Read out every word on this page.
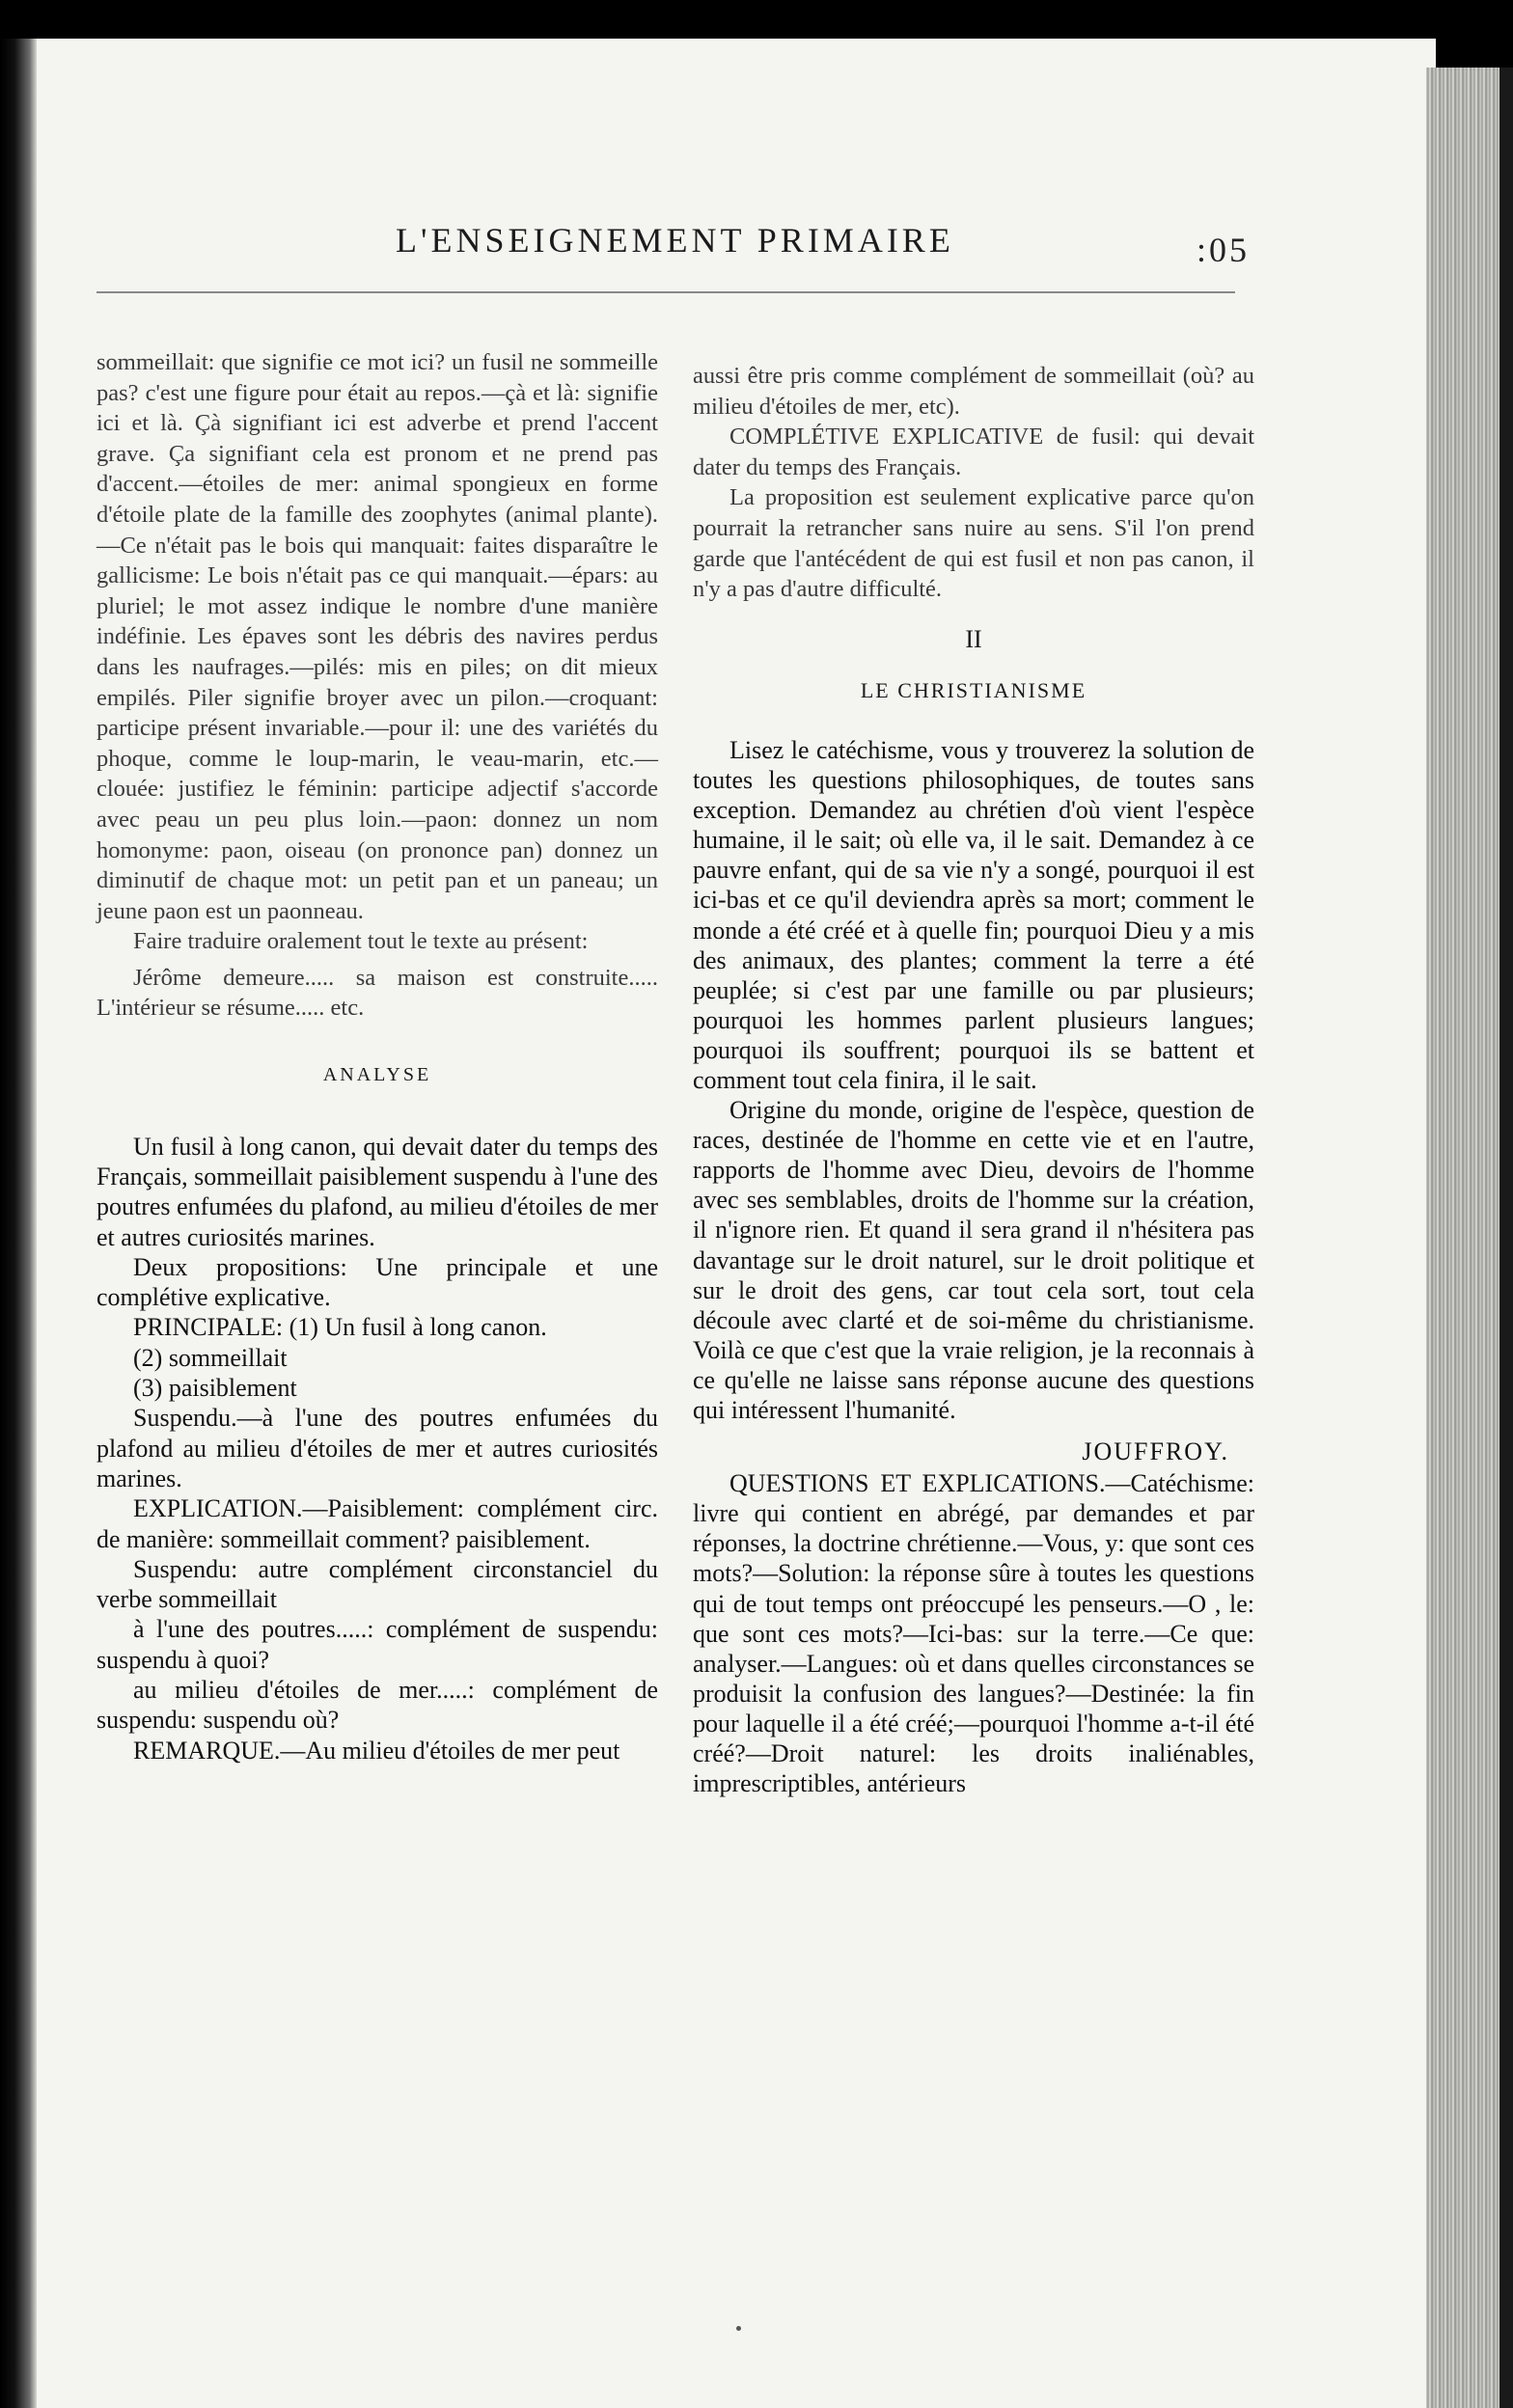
L'ENSEIGNEMENT PRIMAIRE	:05

sommeillait: que signifie ce mot ici? un fusil ne sommeille pas? c'est une figure pour était au repos.—çà et là: signifie ici et là. Çà signifiant ici est adverbe et prend l'accent grave. Ça signifiant cela est pronom et ne prend pas d'accent.—étoiles de mer: animal spongieux en forme d'étoile plate de la famille des zoophytes (animal plante).—Ce n'était pas le bois qui manquait: faites disparaître le gallicisme: Le bois n'était pas ce qui manquait.—épars: au pluriel; le mot assez indique le nombre d'une manière indéfinie. Les épaves sont les débris des navires perdus dans les naufrages.—pilés: mis en piles; on dit mieux empilés. Piler signifie broyer avec un pilon.—croquant: participe présent invariable.—pour il: une des variétés du phoque, comme le loup-marin, le veau-marin, etc.—clouée: justifiez le féminin: participe adjectif s'accorde avec peau un peu plus loin.—paon: donnez un nom homonyme: paon, oiseau (on prononce pan) donnez un diminutif de chaque mot: un petit pan et un paneau; un jeune paon est un paonneau.

Faire traduire oralement tout le texte au présent:

Jérôme demeure..... sa maison est construite..... L'intérieur se résume..... etc.

ANALYSE

Un fusil à long canon, qui devait dater du temps des Français, sommeillait paisiblement suspendu à l'une des poutres enfumées du plafond, au milieu d'étoiles de mer et autres curiosités marines.

Deux propositions: Une principale et une complétive explicative.

PRINCIPALE: (1) Un fusil à long canon.

(2) sommeillait

(3) paisiblement

Suspendu.—à l'une des poutres enfumées du plafond au milieu d'étoiles de mer et autres curiosités marines.

EXPLICATION.—Paisiblement: complément circ. de manière: sommeillait comment? paisiblement.

Suspendu: autre complément circonstanciel du verbe sommeillait

à l'une des poutres.....: complément de suspendu: suspendu à quoi?

au milieu d'étoiles de mer.....: complément de suspendu: suspendu où?

REMARQUE.—Au milieu d'étoiles de mer peut

aussi être pris comme complément de sommeillait (où? au milieu d'étoiles de mer, etc).

COMPLÉTIVE EXPLICATIVE de fusil: qui devait dater du temps des Français.

La proposition est seulement explicative parce qu'on pourrait la retrancher sans nuire au sens. S'il l'on prend garde que l'antécédent de qui est fusil et non pas canon, il n'y a pas d'autre difficulté.

II
LE CHRISTIANISME

Lisez le catéchisme, vous y trouverez la solution de toutes les questions philosophiques, de toutes sans exception. Demandez au chrétien d'où vient l'espèce humaine, il le sait; où elle va, il le sait. Demandez à ce pauvre enfant, qui de sa vie n'y a songé, pourquoi il est ici-bas et ce qu'il deviendra après sa mort; comment le monde a été créé et à quelle fin; pourquoi Dieu y a mis des animaux, des plantes; comment la terre a été peuplée; si c'est par une famille ou par plusieurs; pourquoi les hommes parlent plusieurs langues; pourquoi ils souffrent; pourquoi ils se battent et comment tout cela finira, il le sait.

Origine du monde, origine de l'espèce, question de races, destinée de l'homme en cette vie et en l'autre, rapports de l'homme avec Dieu, devoirs de l'homme avec ses semblables, droits de l'homme sur la création, il n'ignore rien. Et quand il sera grand il n'hésitera pas davantage sur le droit naturel, sur le droit politique et sur le droit des gens, car tout cela sort, tout cela découle avec clarté et de soi-même du christianisme. Voilà ce que c'est que la vraie religion, je la reconnais à ce qu'elle ne laisse sans réponse aucune des questions qui intéressent l'humanité.

JOUFFROY.

QUESTIONS ET EXPLICATIONS.—Catéchisme: livre qui contient en abrégé, par demandes et par réponses, la doctrine chrétienne.—Vous, y: que sont ces mots?—Solution: la réponse sûre à toutes les questions qui de tout temps ont préoccupé les penseurs.—O , le: que sont ces mots?—Ici-bas: sur la terre.—Ce que: analyser.—Langues: où et dans quelles circonstances se produisit la confusion des langues?—Destinée: la fin pour laquelle il a été créé;—pourquoi l'homme a-t-il été créé?—Droit naturel: les droits inaliénables, imprescriptibles, antérieurs
